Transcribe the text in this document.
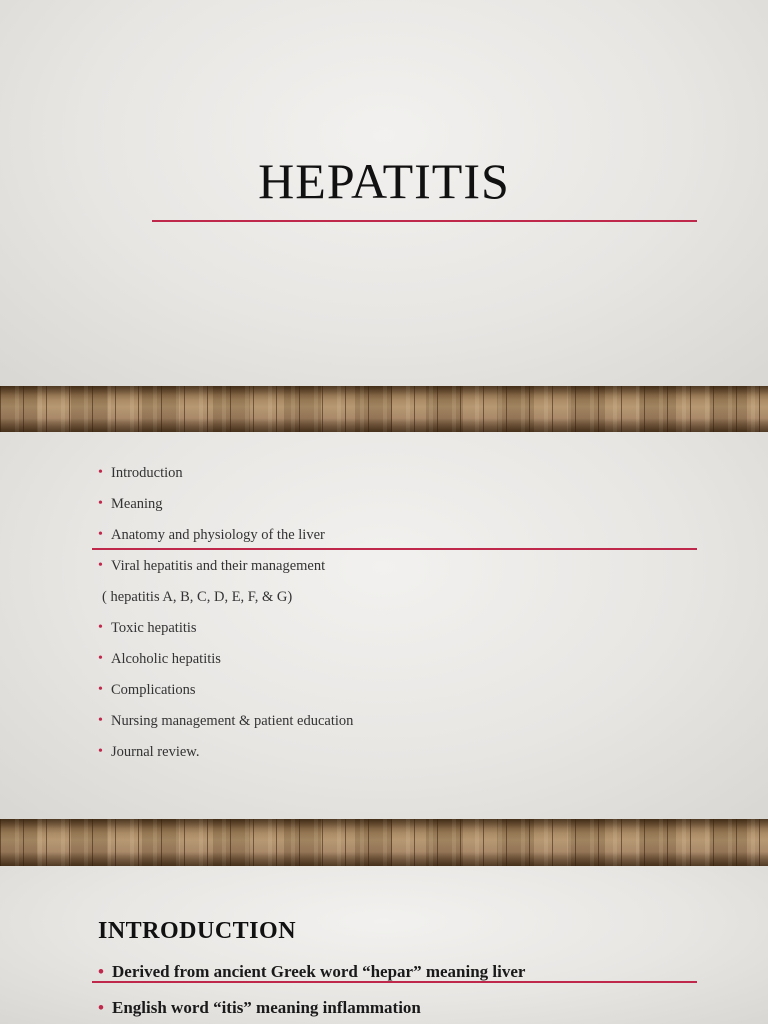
HEPATITIS
• Introduction
• Meaning
• Anatomy and physiology of the liver
• Viral hepatitis and their management
( hepatitis A, B, C, D, E, F, & G)
• Toxic hepatitis
• Alcoholic hepatitis
• Complications
• Nursing management & patient education
• Journal review.
INTRODUCTION
• Derived from ancient Greek word “hepar” meaning liver
• English word “itis” meaning inflammation
